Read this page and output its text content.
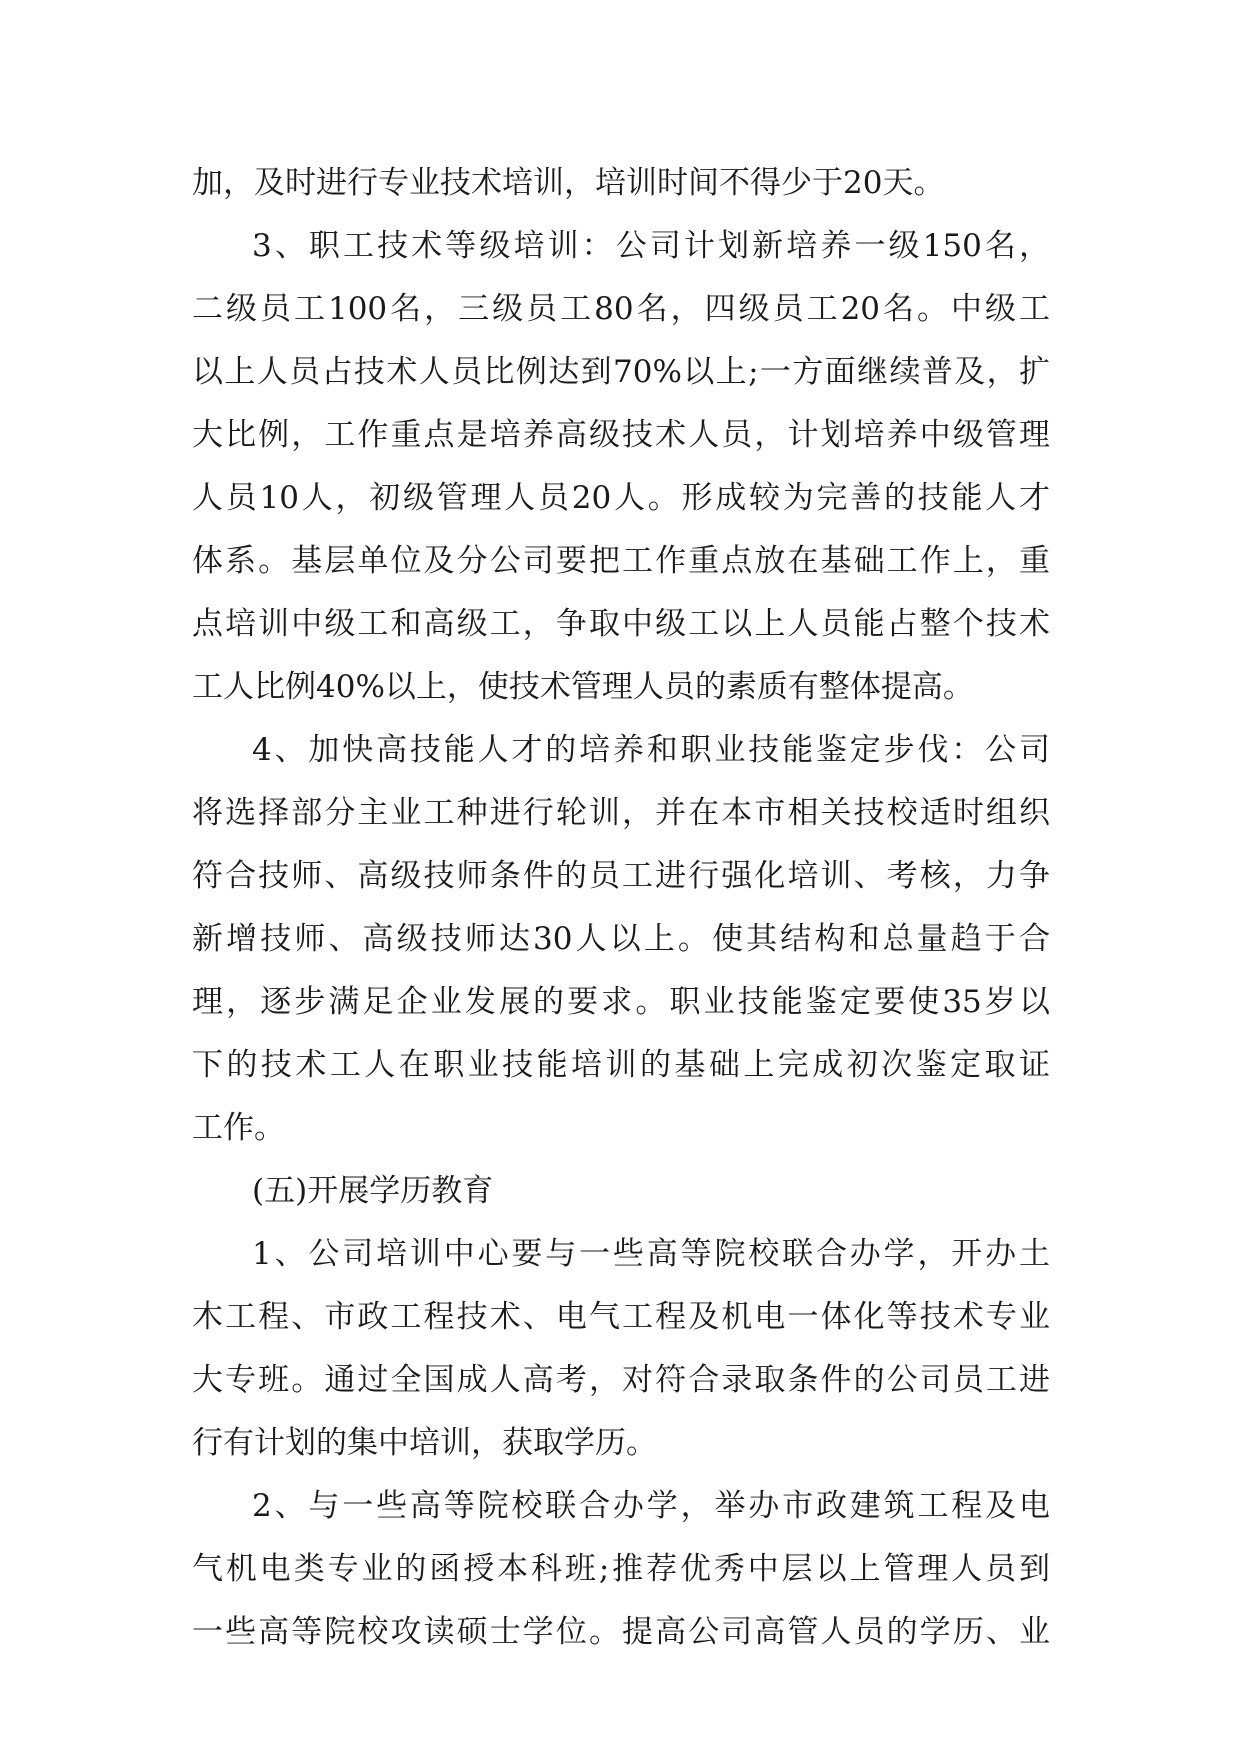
加，及时进行专业技术培训，培训时间不得少于20天。
3、职工技术等级培训：公司计划新培养一级150名，
二级员工100名，三级员工80名，四级员工20名。中级工
以上人员占技术人员比例达到70%以上;一方面继续普及，扩
大比例，工作重点是培养高级技术人员，计划培养中级管理
人员10人，初级管理人员20人。形成较为完善的技能人才
体系。基层单位及分公司要把工作重点放在基础工作上，重
点培训中级工和高级工，争取中级工以上人员能占整个技术
工人比例40%以上，使技术管理人员的素质有整体提高。
4、加快高技能人才的培养和职业技能鉴定步伐：公司
将选择部分主业工种进行轮训，并在本市相关技校适时组织
符合技师、高级技师条件的员工进行强化培训、考核，力争
新增技师、高级技师达30人以上。使其结构和总量趋于合
理，逐步满足企业发展的要求。职业技能鉴定要使35岁以
下的技术工人在职业技能培训的基础上完成初次鉴定取证
工作。
(五)开展学历教育
1、公司培训中心要与一些高等院校联合办学，开办土
木工程、市政工程技术、电气工程及机电一体化等技术专业
大专班。通过全国成人高考，对符合录取条件的公司员工进
行有计划的集中培训，获取学历。
2、与一些高等院校联合办学，举办市政建筑工程及电
气机电类专业的函授本科班;推荐优秀中层以上管理人员到
一些高等院校攻读硕士学位。提高公司高管人员的学历、业
